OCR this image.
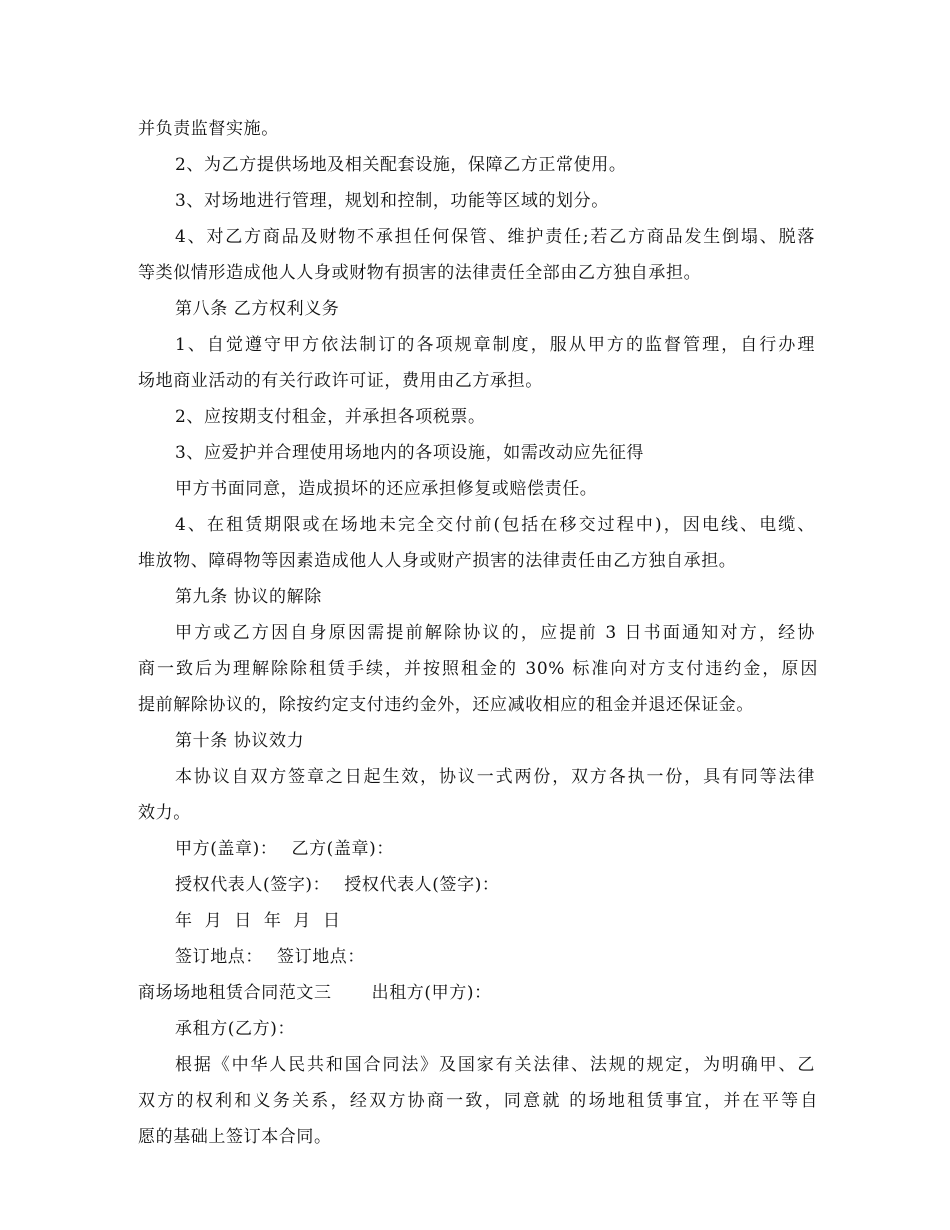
并负责监督实施。
2、为乙方提供场地及相关配套设施，保障乙方正常使用。
3、对场地进行管理，规划和控制，功能等区域的划分。
4、对乙方商品及财物不承担任何保管、维护责任;若乙方商品发生倒塌、脱落
等类似情形造成他人人身或财物有损害的法律责任全部由乙方独自承担。
第八条 乙方权利义务
1、自觉遵守甲方依法制订的各项规章制度，服从甲方的监督管理，自行办理
场地商业活动的有关行政许可证，费用由乙方承担。
2、应按期支付租金，并承担各项税票。
3、应爱护并合理使用场地内的各项设施，如需改动应先征得
甲方书面同意，造成损坏的还应承担修复或赔偿责任。
4、在租赁期限或在场地未完全交付前(包括在移交过程中)，因电线、电缆、
堆放物、障碍物等因素造成他人人身或财产损害的法律责任由乙方独自承担。
第九条 协议的解除
甲方或乙方因自身原因需提前解除协议的，应提前 3 日书面通知对方，经协
商一致后为理解除除租赁手续，并按照租金的 30% 标准向对方支付违约金，原因
提前解除协议的，除按约定支付违约金外，还应减收相应的租金并退还保证金。
第十条 协议效力
本协议自双方签章之日起生效，协议一式两份，双方各执一份，具有同等法律
效力。
甲方(盖章)： 乙方(盖章)：
授权代表人(签字)： 授权代表人(签字)：
年  月  日  年  月  日
签订地点： 签订地点：
商场场地租赁合同范文三 出租方(甲方)：
承租方(乙方)：
根据《中华人民共和国合同法》及国家有关法律、法规的规定，为明确甲、乙
双方的权利和义务关系，经双方协商一致，同意就 的场地租赁事宜，并在平等自
愿的基础上签订本合同。
